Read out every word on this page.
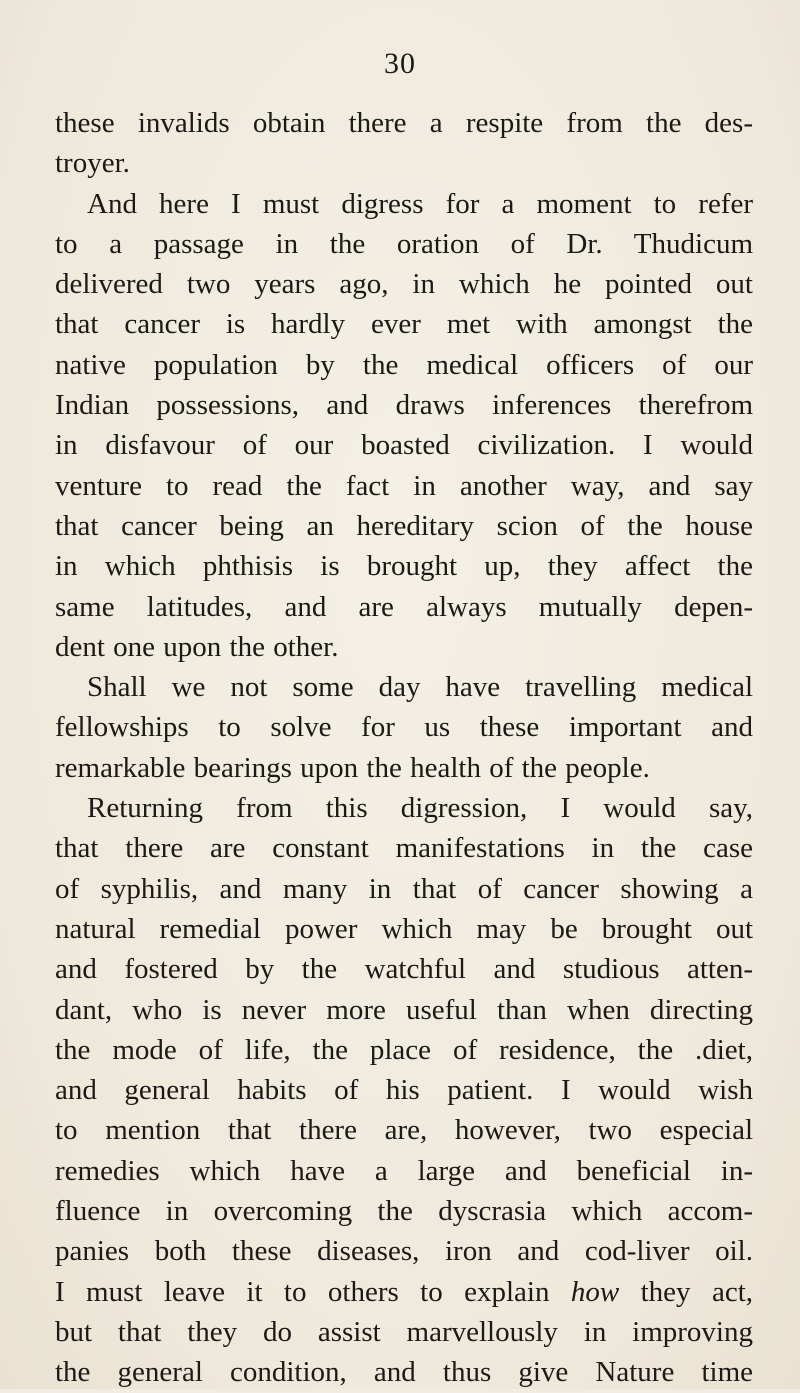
30
these invalids obtain there a respite from the des-
troyer.
And here I must digress for a moment to refer
to a passage in the oration of Dr. Thudicum
delivered two years ago, in which he pointed out
that cancer is hardly ever met with amongst the
native population by the medical officers of our
Indian possessions, and draws inferences therefrom
in disfavour of our boasted civilization. I would
venture to read the fact in another way, and say
that cancer being an hereditary scion of the house
in which phthisis is brought up, they affect the
same latitudes, and are always mutually depen-
dent one upon the other.
Shall we not some day have travelling medical
fellowships to solve for us these important and
remarkable bearings upon the health of the people.
Returning from this digression, I would say,
that there are constant manifestations in the case
of syphilis, and many in that of cancer showing a
natural remedial power which may be brought out
and fostered by the watchful and studious atten-
dant, who is never more useful than when directing
the mode of life, the place of residence, the .diet,
and general habits of his patient. I would wish
to mention that there are, however, two especial
remedies which have a large and beneficial in-
fluence in overcoming the dyscrasia which accom-
panies both these diseases, iron and cod-liver oil.
I must leave it to others to explain how they act,
but that they do assist marvellously in improving
the general condition, and thus give Nature time
